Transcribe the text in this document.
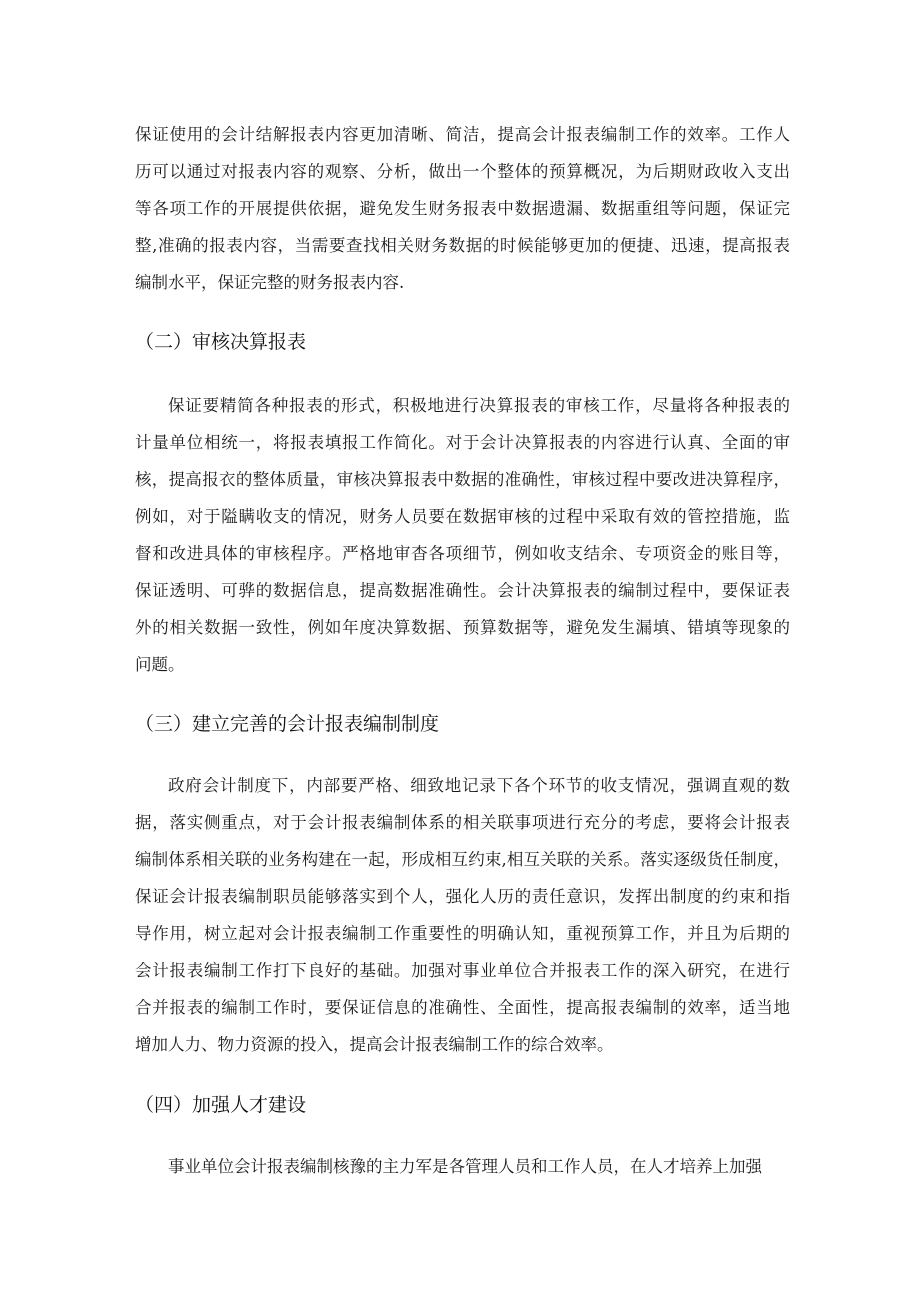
保证使用的会计结解报表内容更加清晰、简洁，提高会计报表编制工作的效率。工作人
历可以通过对报表内容的观察、分析，做出一个整体的预算概况，为后期财政收入支出
等各项工作的开展提供依据，避免发生财务报表中数据遗漏、数据重组等问题，保证完
整,准确的报表内容，当需要查找相关财务数据的时候能够更加的便捷、迅速，提高报表
编制水平，保证完整的财务报表内容.
（二）审核决算报表
保证要精简各种报表的形式，积极地进行决算报表的审核工作，尽量将各种报表的
计量单位相统一，将报表填报工作简化。对于会计决算报表的内容进行认真、全面的审
核，提高报衣的整体质量，审核决算报表中数据的准确性，审核过程中要改进决算程序，
例如，对于隘瞒收支的情况，财务人员要在数据审核的过程中采取有效的管控措施，监
督和改进具体的审核程序。严格地审杳各项细节，例如收支结余、专项资金的账目等，
保证透明、可骅的数据信息，提高数据准确性。会计决算报表的编制过程中，要保证表
外的相关数据一致性，例如年度决算数据、预算数据等，避免发生漏填、错填等现象的
问题。
（三）建立完善的会计报表编制制度
政府会计制度下，内部要严格、细致地记录下各个环节的收支情况，强调直观的数
据，落实侧重点，对于会计报表编制体系的相关联事项进行充分的考虑，要将会计报表
编制体系相关联的业务构建在一起，形成相互约束,相互关联的关系。落实逐级货任制度，
保证会计报表编制职员能够落实到个人，强化人历的责任意识，发挥出制度的约束和指
导作用，树立起对会计报表编制工作重要性的明确认知，重视预算工作，并且为后期的
会计报表编制工作打下良好的基础。加强对事业单位合并报表工作的深入研究，在进行
合并报表的编制工作时，要保证信息的准确性、全面性，提高报表编制的效率，适当地
增加人力、物力资源的投入，提高会计报表编制工作的综合效率。
（四）加强人才建设
事业单位会计报表编制核豫的主力军是各管理人员和工作人员，在人才培养上加强
